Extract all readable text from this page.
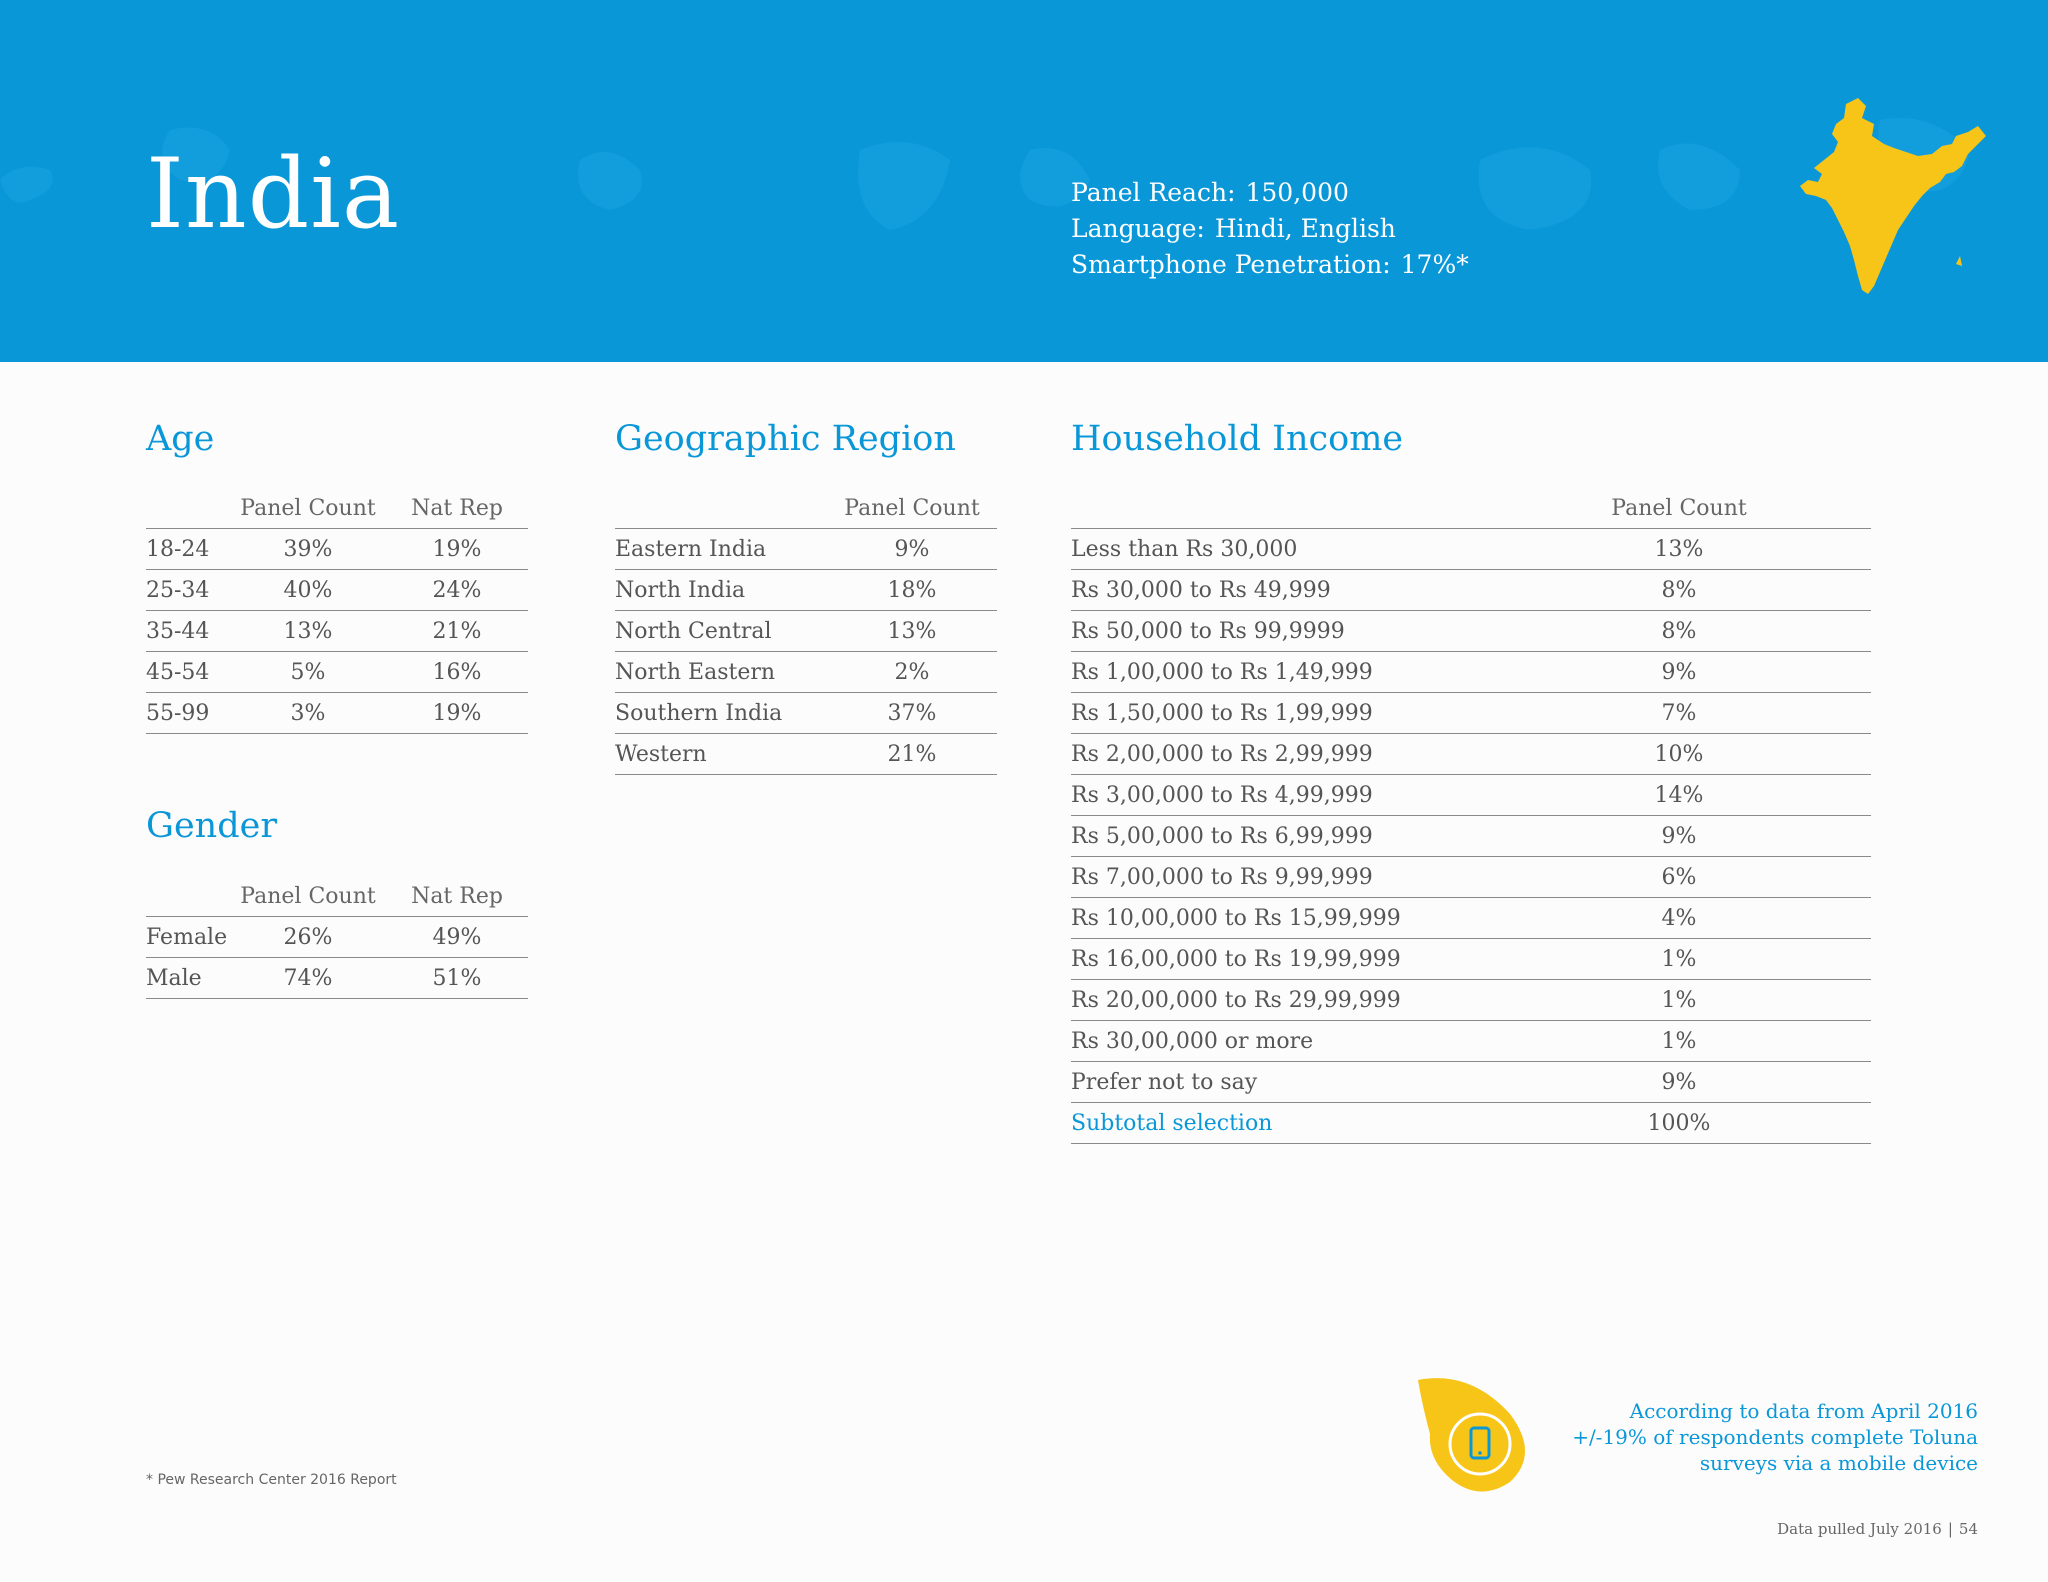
India	Panel Reach: 150,000
Language: Hindi, English
Smartphone Penetration: 17%*
Age
	Panel Count	Nat Rep
18-24	39%	19%
25-34	40%	24%
35-44	13%	21%
45-54	5%	16%
55-99	3%	19%
Gender
	Panel Count	Nat Rep
Female	26%	49%
Male	74%	51%
Geographic Region
	Panel Count
Eastern India	9%
North India	18%
North Central	13%
North Eastern	2%
Southern India	37%
Western	21%
Household Income
	Panel Count	
Less than Rs 30,000	13%	
Rs 30,000 to Rs 49,999	8%	
Rs 50,000 to Rs 99,9999	8%	
Rs 1,00,000 to Rs 1,49,999	9%	
Rs 1,50,000 to Rs 1,99,999	7%	
Rs 2,00,000 to Rs 2,99,999	10%	
Rs 3,00,000 to Rs 4,99,999	14%	
Rs 5,00,000 to Rs 6,99,999	9%	
Rs 7,00,000 to Rs 9,99,999	6%	
Rs 10,00,000 to Rs 15,99,999	4%	
Rs 16,00,000 to Rs 19,99,999	1%	
Rs 20,00,000 to Rs 29,99,999	1%	
Rs 30,00,000 or more	1%	
Prefer not to say	9%	
Subtotal selection	100%	
* Pew Research Center 2016 Report
According to data from April 2016
+/-19% of respondents complete Toluna
surveys via a mobile device
Data pulled July 2016 | 54
